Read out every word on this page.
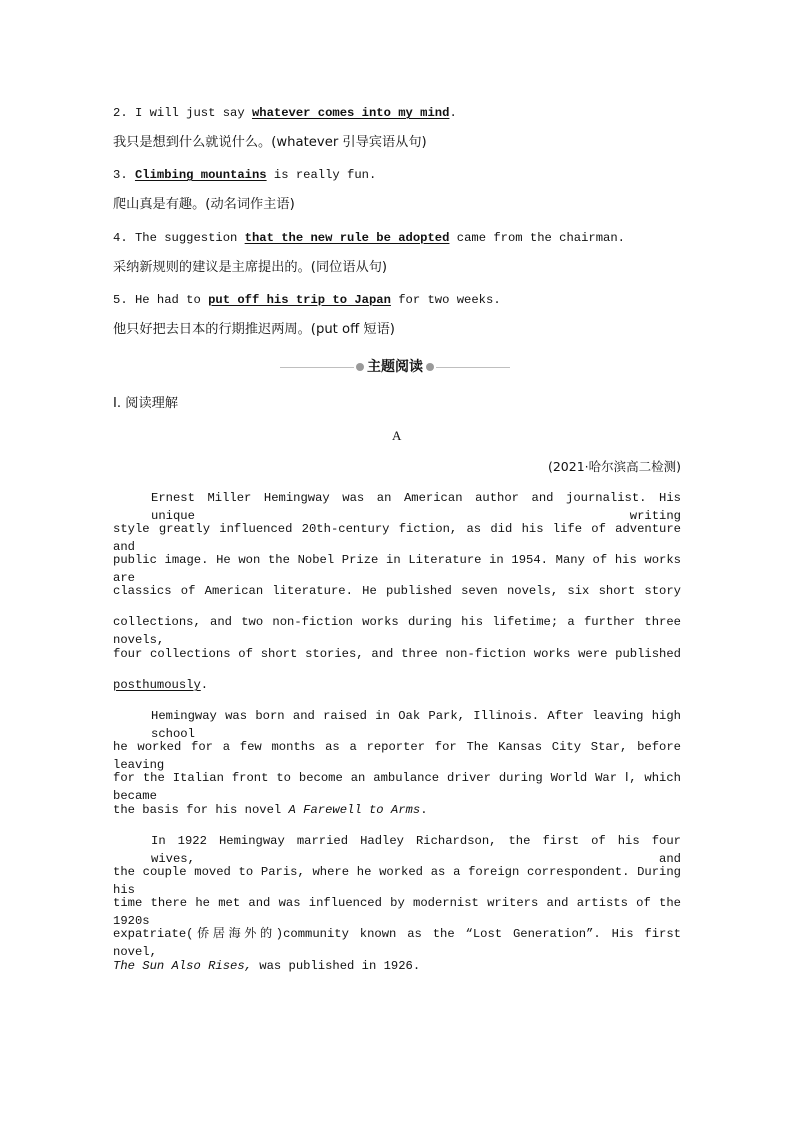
2. I will just say whatever comes into my mind.
我只是想到什么就说什么。(whatever 引导宾语从句)
3. Climbing mountains is really fun.
爬山真是有趣。(动名词作主语)
4. The suggestion that the new rule be adopted came from the chairman.
采纳新规则的建议是主席提出的。(同位语从句)
5. He had to put off his trip to Japan for two weeks.
他只好把去日本的行期推迟两周。(put off 短语)
Ⅰ. 阅读理解
A
(2021·哈尔滨高二检测)
Ernest Miller Hemingway was an American author and journalist. His unique writing
style greatly influenced 20th-century fiction, as did his life of adventure and
public image. He won the Nobel Prize in Literature in 1954. Many of his works are
classics of American literature. He published seven novels, six short story
collections, and two non-fiction works during his lifetime; a further three novels,
four collections of short stories, and three non-fiction works were published
posthumously.
Hemingway was born and raised in Oak Park, Illinois. After leaving high school
he worked for a few months as a reporter for The Kansas City Star, before leaving
for the Italian front to become an ambulance driver during World War Ⅰ, which became
the basis for his novel A Farewell to Arms.
In 1922 Hemingway married Hadley Richardson, the first of his four wives, and
the couple moved to Paris, where he worked as a foreign correspondent. During his
time there he met and was influenced by modernist writers and artists of the 1920s
expatriate(侨居海外的)community known as the “Lost Generation”. His first novel,
The Sun Also Rises, was published in 1926.
主题阅读
